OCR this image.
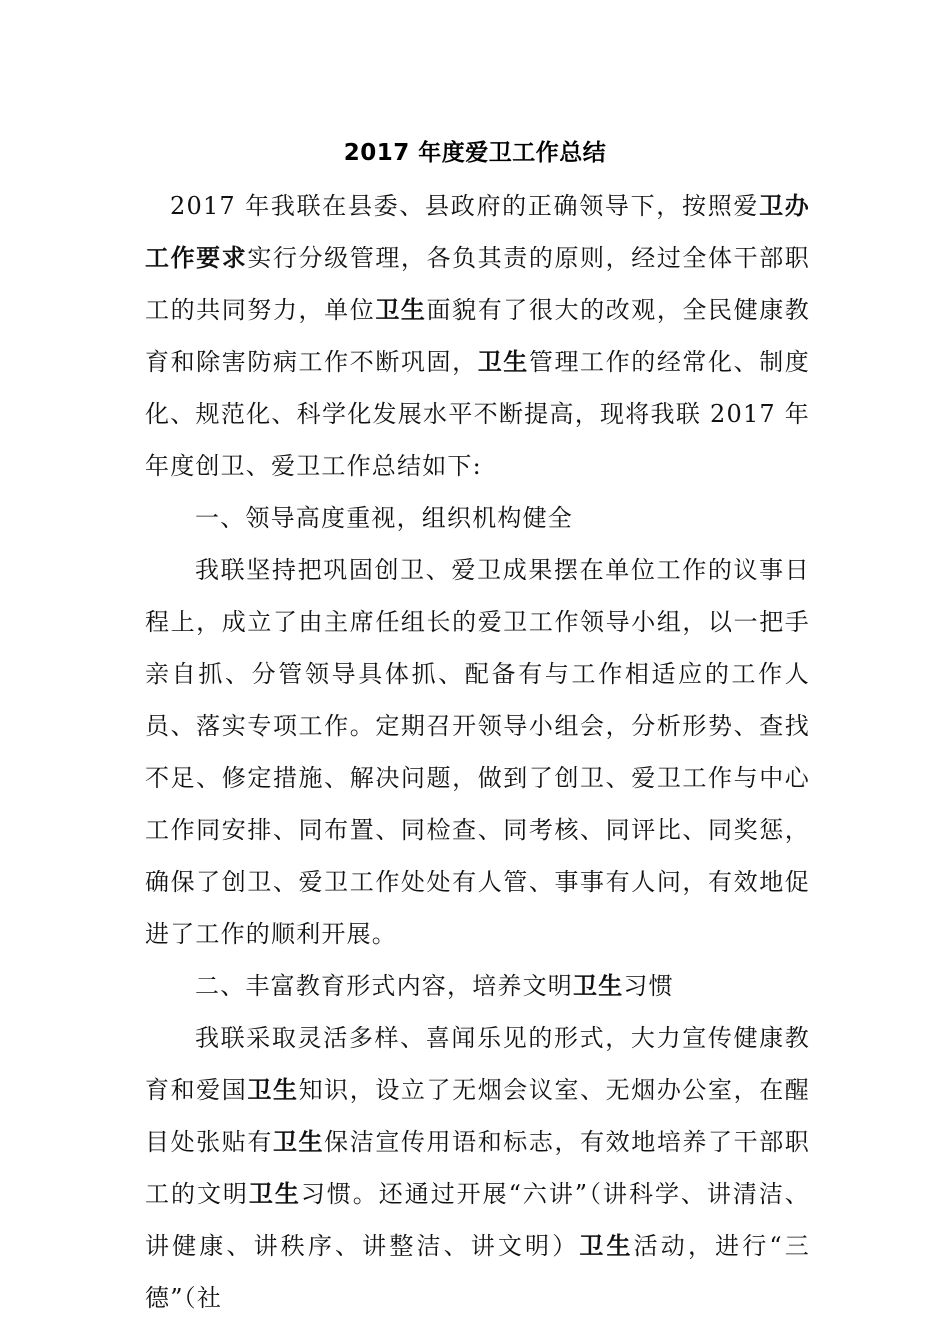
2017 年度爱卫工作总结

2017 年我联在县委、县政府的正确领导下，按照爱卫办工作要求实行分级管理，各负其责的原则，经过全体干部职工的共同努力，单位卫生面貌有了很大的改观，全民健康教育和除害防病工作不断巩固，卫生管理工作的经常化、制度化、规范化、科学化发展水平不断提高，现将我联 2017 年年度创卫、爱卫工作总结如下:

一、领导高度重视，组织机构健全

我联坚持把巩固创卫、爱卫成果摆在单位工作的议事日程上，成立了由主席任组长的爱卫工作领导小组，以一把手亲自抓、分管领导具体抓、配备有与工作相适应的工作人员、落实专项工作。定期召开领导小组会，分析形势、查找不足、修定措施、解决问题，做到了创卫、爱卫工作与中心工作同安排、同布置、同检查、同考核、同评比、同奖惩，确保了创卫、爱卫工作处处有人管、事事有人问，有效地促进了工作的顺利开展。

二、丰富教育形式内容，培养文明卫生习惯

我联采取灵活多样、喜闻乐见的形式，大力宣传健康教育和爱国卫生知识，设立了无烟会议室、无烟办公室，在醒目处张贴有卫生保洁宣传用语和标志，有效地培养了干部职工的文明卫生习惯。还通过开展“六讲”（讲科学、讲清洁、讲健康、讲秩序、讲整洁、讲文明）卫生活动，进行“三德”（社
